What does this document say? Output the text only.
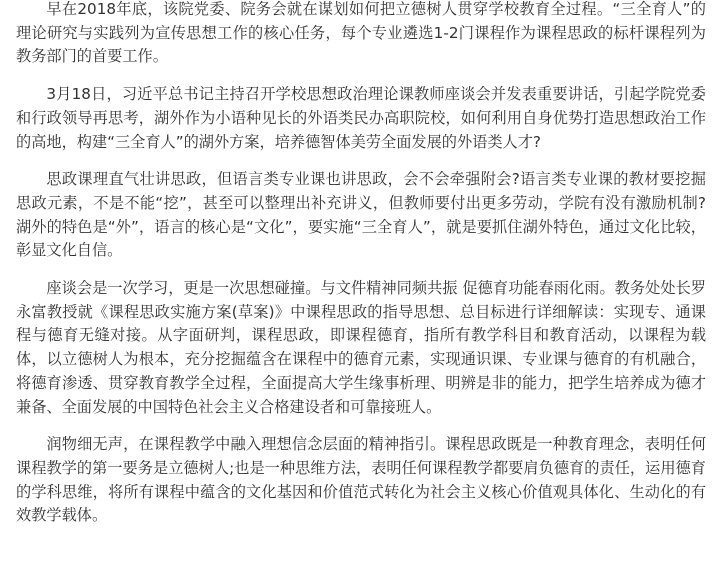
早在2018年底，该院党委、院务会就在谋划如何把立德树人贯穿学校教育全过程。“三全育人”的理论研究与实践列为宣传思想工作的核心任务，每个专业遴选1-2门课程作为课程思政的标杆课程列为教务部门的首要工作。

3月18日，习近平总书记主持召开学校思想政治理论课教师座谈会并发表重要讲话，引起学院党委和行政领导再思考，湖外作为小语种见长的外语类民办高职院校，如何利用自身优势打造思想政治工作的高地，构建“三全育人”的湖外方案，培养德智体美劳全面发展的外语类人才?

思政课理直气壮讲思政，但语言类专业课也讲思政，会不会牵强附会?语言类专业课的教材要挖掘思政元素，不是不能“挖”，甚至可以整理出补充讲义，但教师要付出更多劳动，学院有没有激励机制?湖外的特色是“外”，语言的核心是“文化”，要实施“三全育人”，就是要抓住湖外特色，通过文化比较，彰显文化自信。

座谈会是一次学习，更是一次思想碰撞。与文件精神同频共振 促德育功能春雨化雨。教务处处长罗永富教授就《课程思政实施方案(草案)》中课程思政的指导思想、总目标进行详细解读：实现专、通课程与德育无缝对接。从字面研判，课程思政，即课程德育，指所有教学科目和教育活动，以课程为载体，以立德树人为根本，充分挖掘蕴含在课程中的德育元素，实现通识课、专业课与德育的有机融合，将德育渗透、贯穿教育教学全过程，全面提高大学生缘事析理、明辨是非的能力，把学生培养成为德才兼备、全面发展的中国特色社会主义合格建设者和可靠接班人。

润物细无声，在课程教学中融入理想信念层面的精神指引。课程思政既是一种教育理念，表明任何课程教学的第一要务是立德树人;也是一种思维方法，表明任何课程教学都要肩负德育的责任，运用德育的学科思维，将所有课程中蕴含的文化基因和价值范式转化为社会主义核心价值观具体化、生动化的有效教学载体。
